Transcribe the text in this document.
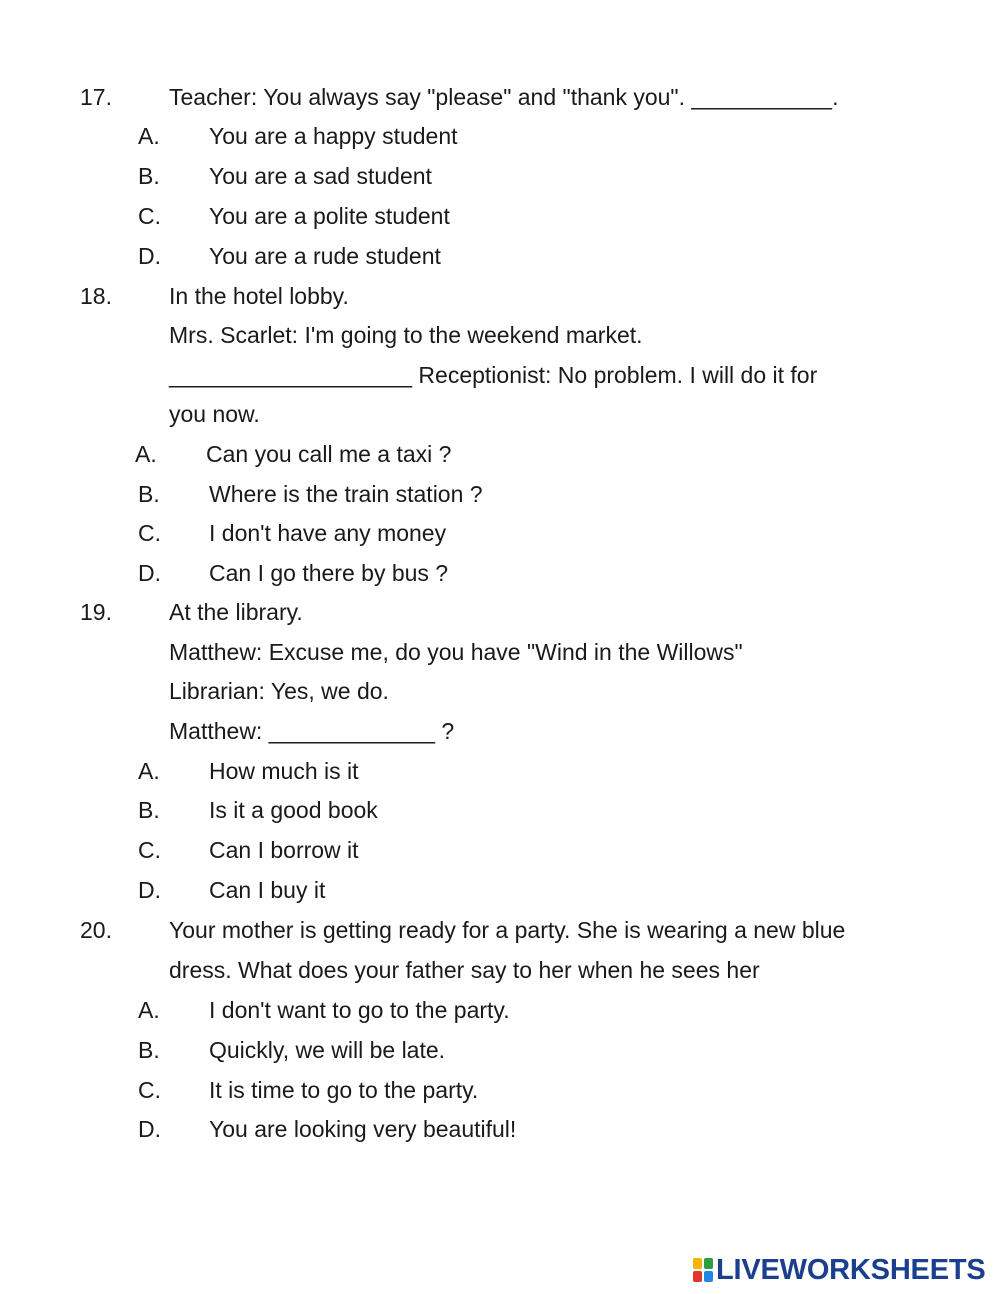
17. Teacher: You always say "please" and "thank you". ___________.
A. You are a happy student
B. You are a sad student
C. You are a polite student
D. You are a rude student
18. In the hotel lobby.
Mrs. Scarlet: I'm going to the weekend market.
___________________ Receptionist: No problem. I will do it for
you now.
A. Can you call me a taxi ?
B. Where is the train station ?
C. I don't have any money
D. Can I go there by bus ?
19. At the library.
Matthew: Excuse me, do you have "Wind in the Willows"
Librarian: Yes, we do.
Matthew: _____________ ?
A. How much is it
B. Is it a good book
C. Can I borrow it
D. Can I buy it
20. Your mother is getting ready for a party. She is wearing a new blue
dress. What does your father say to her when he sees her
A. I don't want to go to the party.
B. Quickly, we will be late.
C. It is time to go to the party.
D. You are looking very beautiful!
LIVEWORKSHEETS
